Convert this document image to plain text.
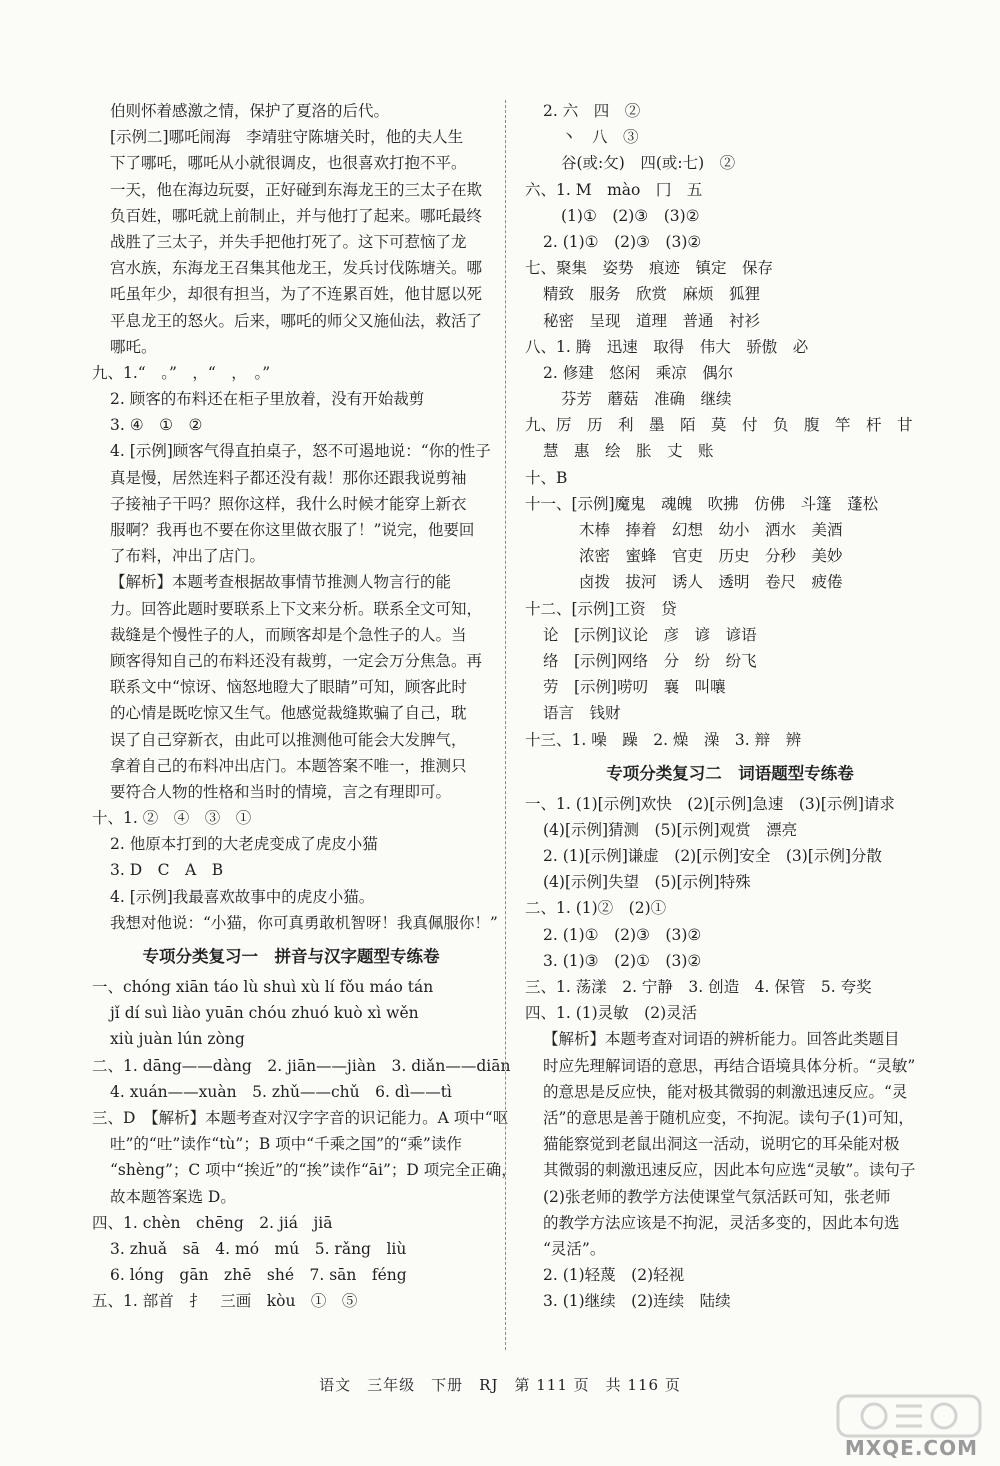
伯则怀着感激之情，保护了夏洛的后代。
[示例二]哪吒闹海　李靖驻守陈塘关时，他的夫人生
下了哪吒，哪吒从小就很调皮，也很喜欢打抱不平。
一天，他在海边玩耍，正好碰到东海龙王的三太子在欺
负百姓，哪吒就上前制止，并与他打了起来。哪吒最终
战胜了三太子，并失手把他打死了。这下可惹恼了龙
宫水族，东海龙王召集其他龙王，发兵讨伐陈塘关。哪
吒虽年少，却很有担当，为了不连累百姓，他甘愿以死
平息龙王的怒火。后来，哪吒的师父又施仙法，救活了
哪吒。
九、1.“　。”　，“　，　。”
2. 顾客的布料还在柜子里放着，没有开始裁剪
3. ④　①　②
4. [示例]顾客气得直拍桌子，怒不可遏地说：“你的性子
真是慢，居然连料子都还没有裁！那你还跟我说剪袖
子接袖子干吗？照你这样，我什么时候才能穿上新衣
服啊？我再也不要在你这里做衣服了！”说完，他要回
了布料，冲出了店门。
【解析】本题考查根据故事情节推测人物言行的能
力。回答此题时要联系上下文来分析。联系全文可知，
裁缝是个慢性子的人，而顾客却是个急性子的人。当
顾客得知自己的布料还没有裁剪，一定会万分焦急。再
联系文中“惊讶、恼怒地瞪大了眼睛”可知，顾客此时
的心情是既吃惊又生气。他感觉裁缝欺骗了自己，耽
误了自己穿新衣，由此可以推测他可能会大发脾气，
拿着自己的布料冲出店门。本题答案不唯一，推测只
要符合人物的性格和当时的情境，言之有理即可。
十、1. ②　④　③　①
2. 他原本打到的大老虎变成了虎皮小猫
3. D　C　A　B
4. [示例]我最喜欢故事中的虎皮小猫。
我想对他说：“小猫，你可真勇敢机智呀！我真佩服你！”
专项分类复习一　拼音与汉字题型专练卷
一、chóng xiān táo lù shuì xù lí fǒu máo tán
jǐ dí suì liào yuān chóu zhuó kuò xì wěn
xiù juàn lún zòng
二、1. dāng——dàng　2. jiān——jiàn　3. diǎn——diān
4. xuán——xuàn　5. zhǔ——chǔ　6. dì——tì
三、D　【解析】本题考查对汉字字音的识记能力。A 项中“呕
吐”的“吐”读作“tù”；B 项中“千乘之国”的“乘”读作
“shèng”；C 项中“挨近”的“挨”读作“āi”；D 项完全正确，
故本题答案选 D。
四、1. chèn　chēng　2. jiá　jiā
3. zhuǎ　sā　4. mó　mú　5. rǎng　liù
6. lóng　gān　zhē　shé　7. sān　féng
五、1. 部首　扌　三画　kòu　①　⑤
2. 六　四　②
丶　八　③
谷(或:攵)　四(或:七)　②
六、1. M　mào　冂　五
(1)①　(2)③　(3)②
2. (1)①　(2)③　(3)②
七、聚集　姿势　痕迹　镇定　保存
精致　服务　欣赏　麻烦　狐狸
秘密　呈现　道理　普通　衬衫
八、1. 腾　迅速　取得　伟大　骄傲　必
2. 修建　悠闲　乘凉　偶尔
芬芳　蘑菇　准确　继续
九、厉　历　利　墨　陌　莫　付　负　腹　竿　杆　甘
慧　惠　绘　胀　丈　账
十、B
十一、[示例]魔鬼　魂魄　吹拂　仿佛　斗篷　蓬松
木棒　捧着　幻想　幼小　洒水　美酒
浓密　蜜蜂　官吏　历史　分秒　美妙
卤拨　拔河　诱人　透明　卷尺　疲倦
十二、[示例]工资　贷
论　[示例]议论　彦　谚　谚语
络　[示例]网络　分　纷　纷飞
劳　[示例]唠叨　襄　叫嚷
语言　钱财
十三、1. 噪　躁　2. 燥　澡　3. 辩　辨
专项分类复习二　词语题型专练卷
一、1. (1)[示例]欢快　(2)[示例]急速　(3)[示例]请求
(4)[示例]猜测　(5)[示例]观赏　漂亮
2. (1)[示例]谦虚　(2)[示例]安全　(3)[示例]分散
(4)[示例]失望　(5)[示例]特殊
二、1. (1)②　(2)①
2. (1)①　(2)③　(3)②
3. (1)③　(2)①　(3)②
三、1. 荡漾　2. 宁静　3. 创造　4. 保管　5. 夸奖
四、1. (1)灵敏　(2)灵活
【解析】本题考查对词语的辨析能力。回答此类题目
时应先理解词语的意思，再结合语境具体分析。“灵敏”
的意思是反应快，能对极其微弱的刺激迅速反应。“灵
活”的意思是善于随机应变，不拘泥。读句子(1)可知，
猫能察觉到老鼠出洞这一活动，说明它的耳朵能对极
其微弱的刺激迅速反应，因此本句应选“灵敏”。读句子
(2)张老师的教学方法使课堂气氛活跃可知，张老师
的教学方法应该是不拘泥，灵活多变的，因此本句选
“灵活”。
2. (1)轻蔑　(2)轻视
3. (1)继续　(2)连续　陆续
语文　三年级　下册　RJ　第 111 页　共 116 页
MXQE.COM
